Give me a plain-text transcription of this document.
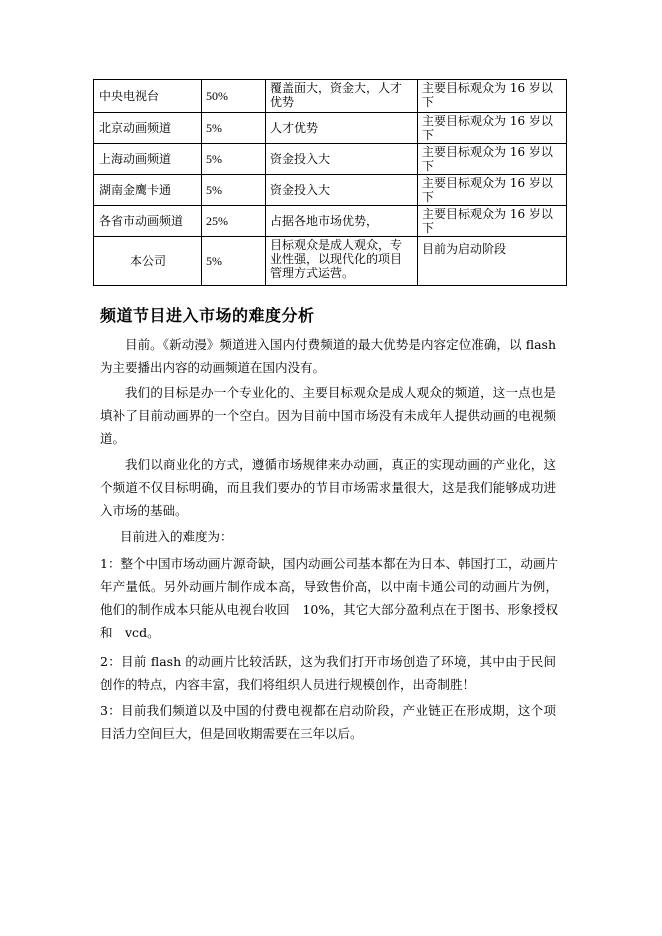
中央电视台	50%	覆盖面大，资金大，人才优势	主要目标观众为 16 岁以下
北京动画频道	5%	人才优势	主要目标观众为 16 岁以下
上海动画频道	5%	资金投入大	主要目标观众为 16 岁以下
湖南金鹰卡通	5%	资金投入大	主要目标观众为 16 岁以下
各省市动画频道	25%	占据各地市场优势，	主要目标观众为 16 岁以下
本公司	5%	目标观众是成人观众，专业性强，以现代化的项目管理方式运营。	目前为启动阶段
频道节目进入市场的难度分析

目前。《新动漫》频道进入国内付费频道的最大优势是内容定位准确，以 flash 为主要播出内容的动画频道在国内没有。

我们的目标是办一个专业化的、主要目标观众是成人观众的频道，这一点也是填补了目前动画界的一个空白。因为目前中国市场没有未成年人提供动画的电视频道。

我们以商业化的方式，遵循市场规律来办动画，真正的实现动画的产业化，这个频道不仅目标明确，而且我们要办的节目市场需求量很大，这是我们能够成功进入市场的基础。

目前进入的难度为：

1：整个中国市场动画片源奇缺，国内动画公司基本都在为日本、韩国打工，动画片年产量低。另外动画片制作成本高，导致售价高，以中南卡通公司的动画片为例，他们的制作成本只能从电视台收回　10%，其它大部分盈利点在于图书、形象授权和　vcd。

2：目前 flash 的动画片比较活跃，这为我们打开市场创造了环境，其中由于民间创作的特点，内容丰富，我们将组织人员进行规模创作，出奇制胜！

3：目前我们频道以及中国的付费电视都在启动阶段，产业链正在形成期，这个项目活力空间巨大，但是回收期需要在三年以后。
